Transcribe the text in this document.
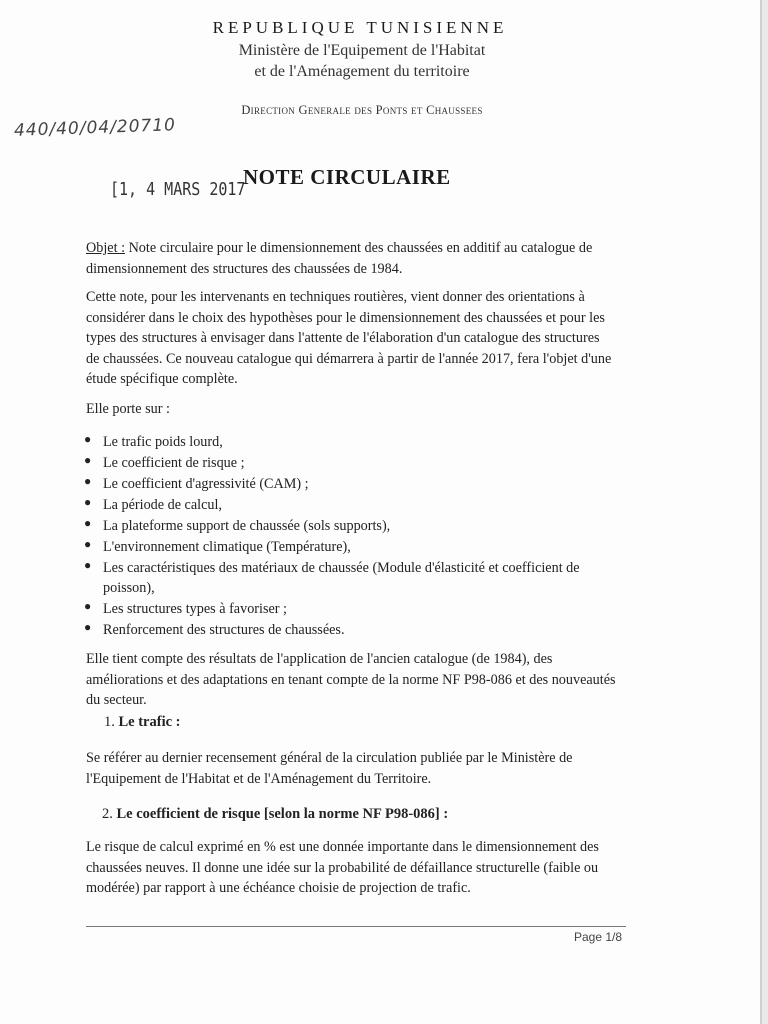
REPUBLIQUE TUNISIENNE
Ministère de l'Equipement de l'Habitat
et de l'Aménagement du territoire
Direction Generale des Ponts et Chaussees
440/40/04/20710
[1, 4 MARS 2017
NOTE CIRCULAIRE
Objet : Note circulaire pour le dimensionnement des chaussées en additif au catalogue de
dimensionnement des structures des chaussées de 1984.
Cette note, pour les intervenants en techniques routières, vient donner des orientations à
considérer dans le choix des hypothèses pour le dimensionnement des chaussées et pour les
types des structures à envisager dans l'attente de l'élaboration d'un catalogue des structures
de chaussées. Ce nouveau catalogue qui démarrera à partir de l'année 2017, fera l'objet d'une
étude spécifique complète.
Elle porte sur :
● Le trafic poids lourd,
● Le coefficient de risque ;
● Le coefficient d'agressivité (CAM) ;
● La période de calcul,
● La plateforme support de chaussée (sols supports),
● L'environnement climatique (Température),
● Les caractéristiques des matériaux de chaussée (Module d'élasticité et coefficient de
poisson),
● Les structures types à favoriser ;
● Renforcement des structures de chaussées.
Elle tient compte des résultats de l'application de l'ancien catalogue (de 1984), des
améliorations et des adaptations en tenant compte de la norme NF P98-086 et des nouveautés
du secteur.
1. Le trafic :
Se référer au dernier recensement général de la circulation publiée par le Ministère de
l'Equipement de l'Habitat et de l'Aménagement du Territoire.
2. Le coefficient de risque [selon la norme NF P98-086] :
Le risque de calcul exprimé en % est une donnée importante dans le dimensionnement des
chaussées neuves. Il donne une idée sur la probabilité de défaillance structurelle (faible ou
modérée) par rapport à une échéance choisie de projection de trafic.
Page 1/8
